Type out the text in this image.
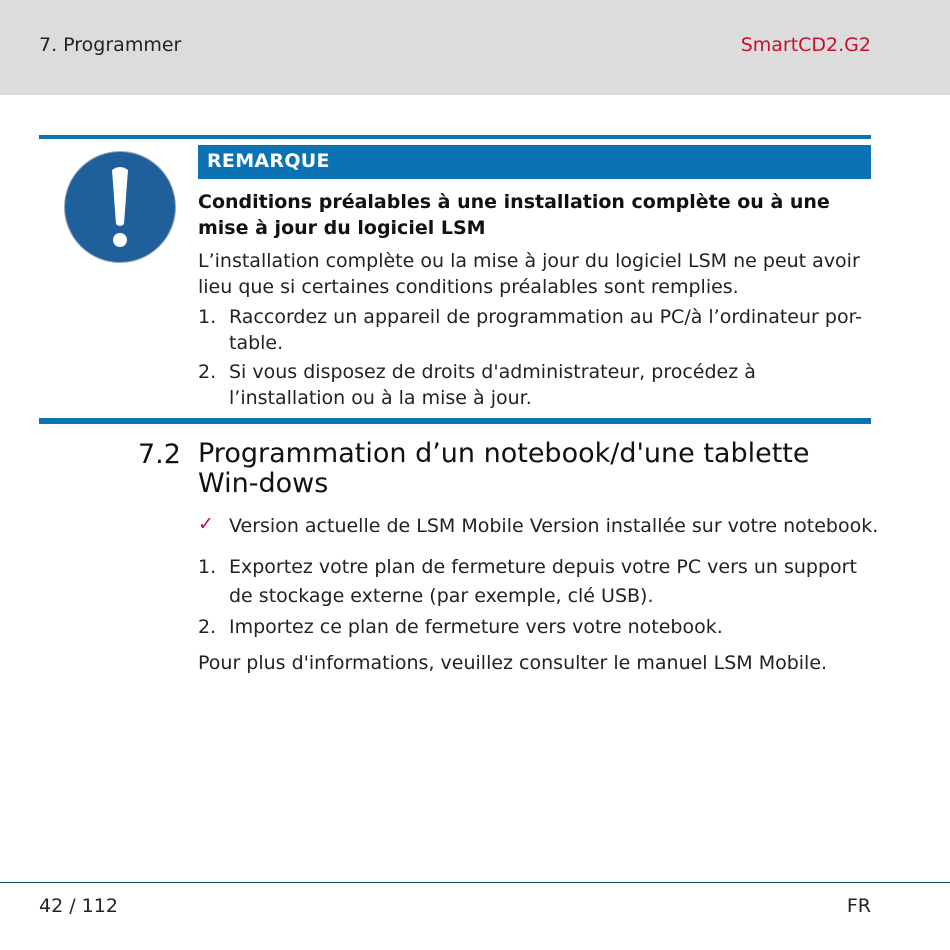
7. Programmer	SmartCD2.G2
REMARQUE
Conditions préalables à une installation complète ou à une mise à jour du logiciel LSM
L’installation complète ou la mise à jour du logiciel LSM ne peut avoir lieu que si certaines conditions préalables sont remplies.
1. Raccordez un appareil de programmation au PC/à l’ordinateur por-table.
2. Si vous disposez de droits d'administrateur, procédez à l’installation ou à la mise à jour.
7.2 Programmation d’un notebook/d'une tablette Win-dows
✓ Version actuelle de LSM Mobile Version installée sur votre notebook.
1. Exportez votre plan de fermeture depuis votre PC vers un support de stockage externe (par exemple, clé USB).
2. Importez ce plan de fermeture vers votre notebook.
Pour plus d'informations, veuillez consulter le manuel LSM Mobile.
42 / 112	FR
